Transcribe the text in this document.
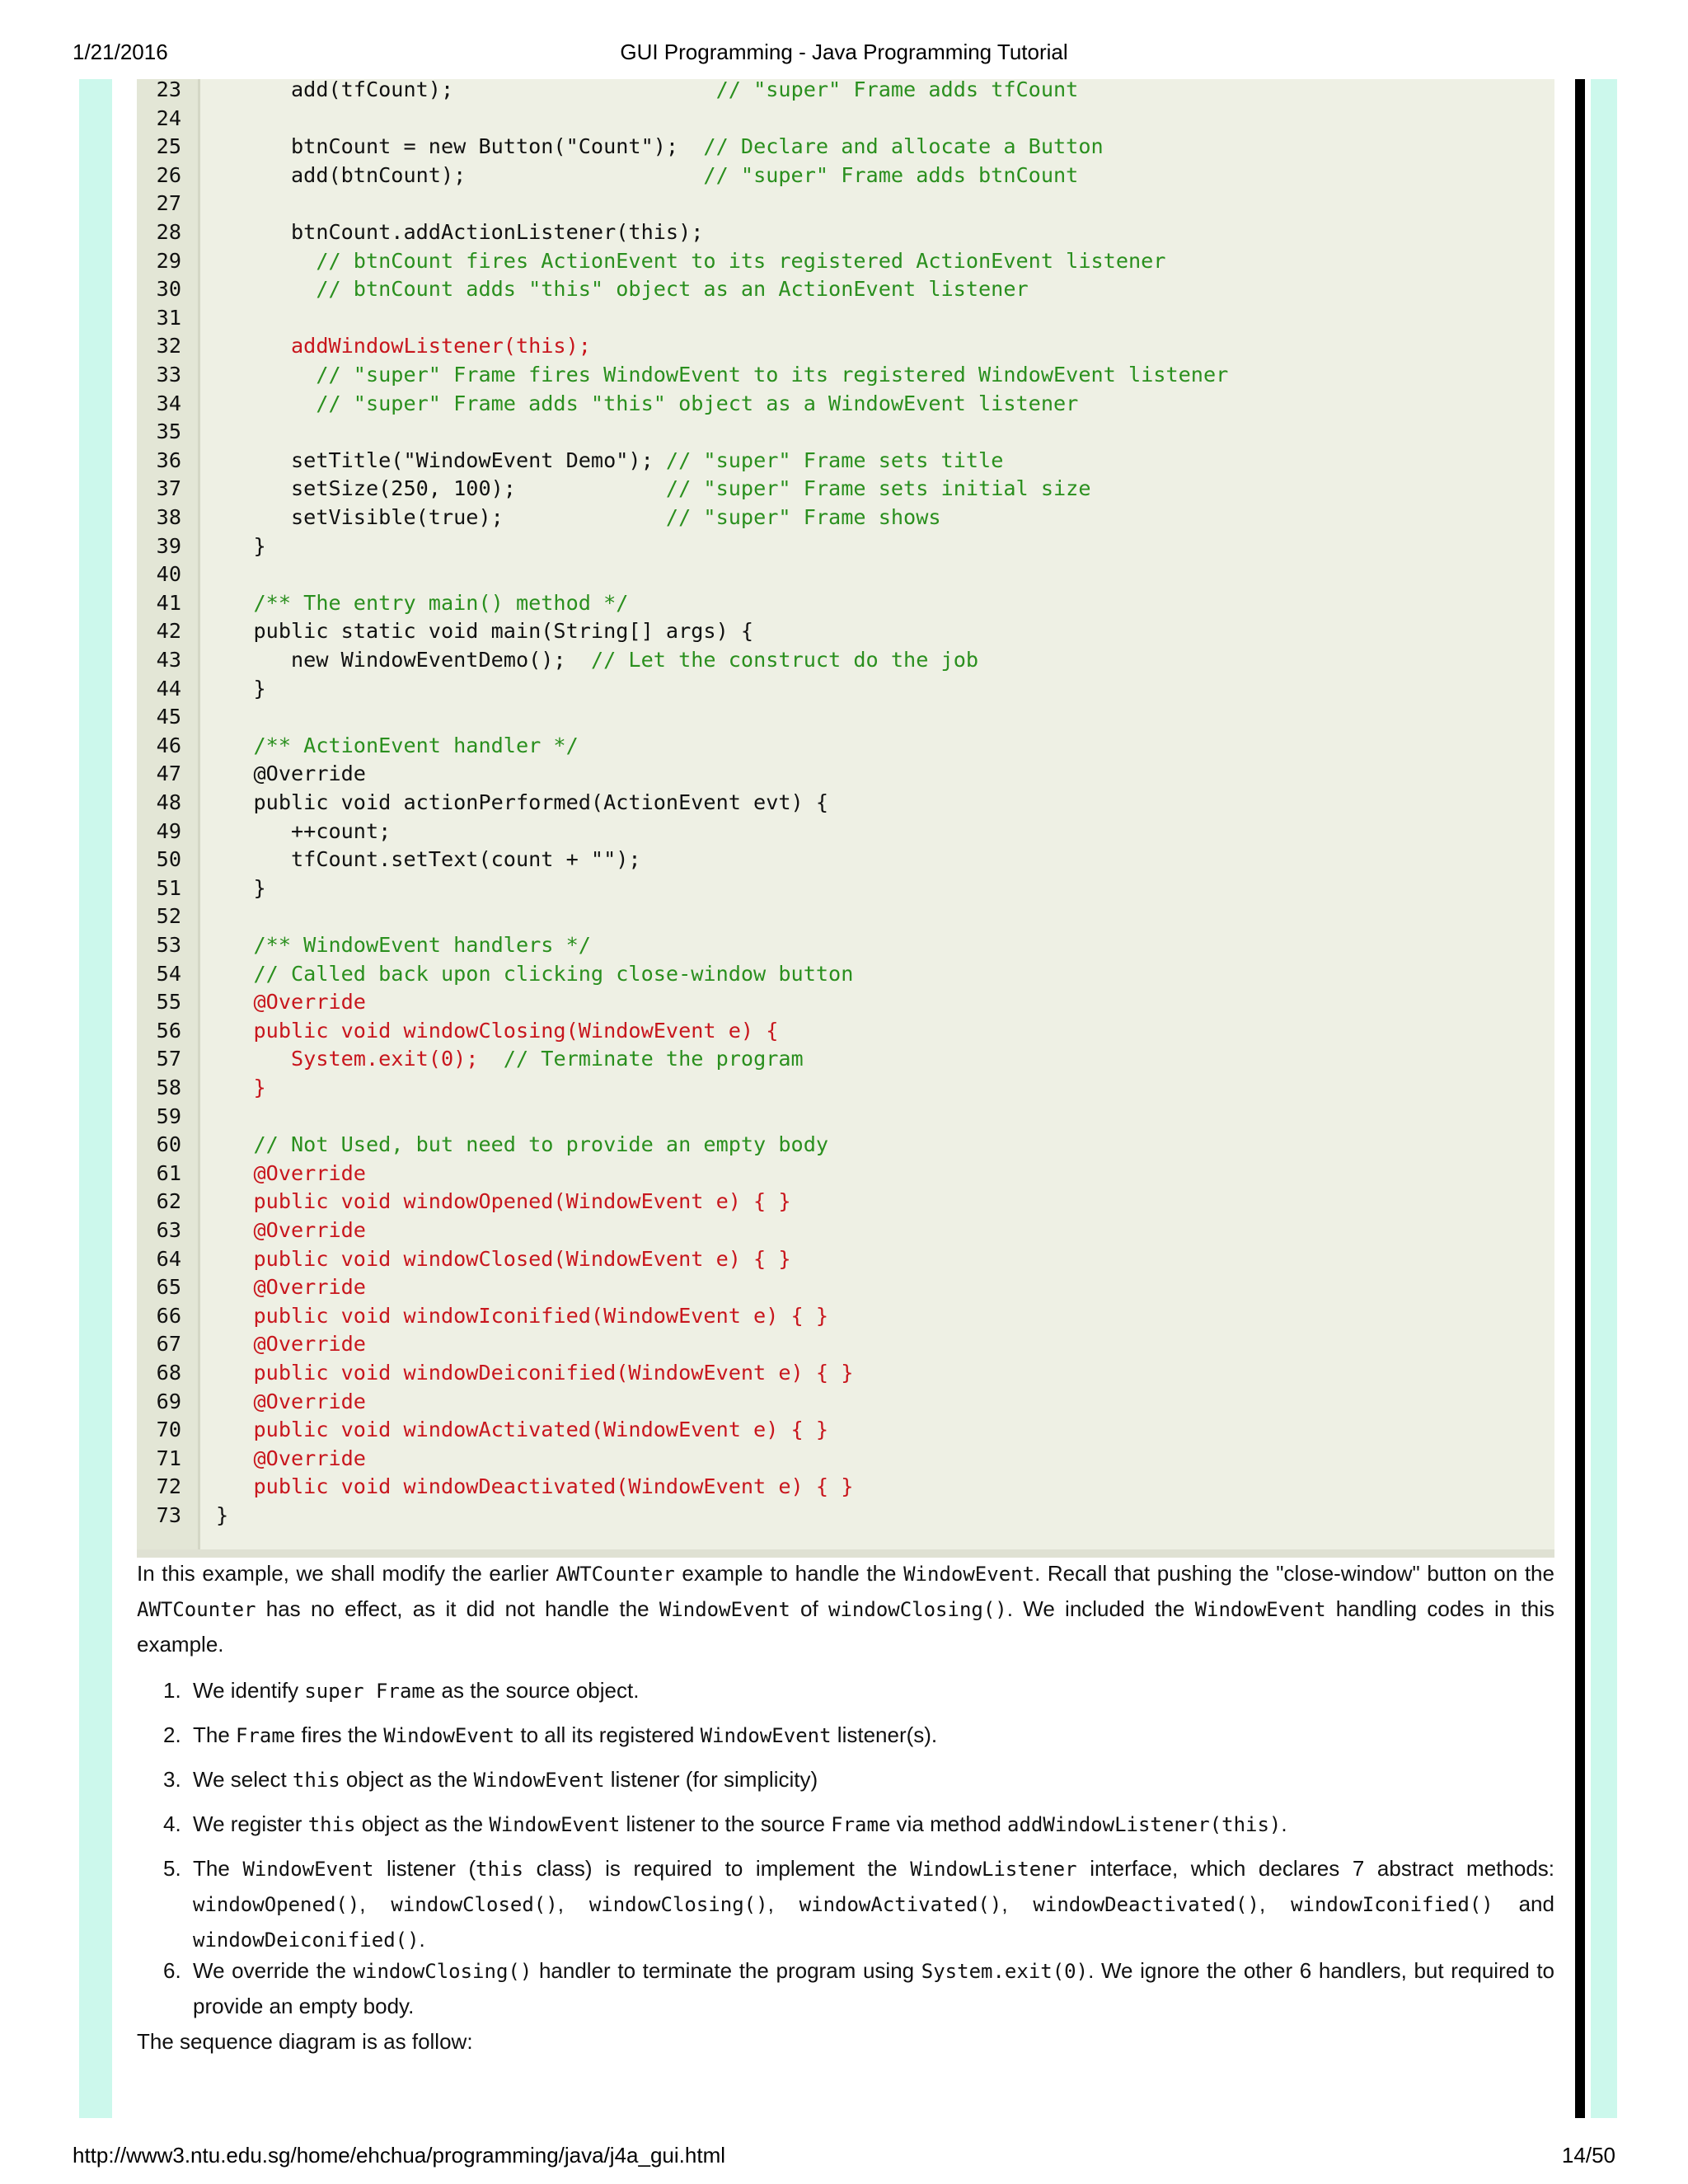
1/21/2016	GUI Programming - Java Programming Tutorial
23 add(tfCount);                     // "super" Frame adds tfCount
24
25 btnCount = new Button("Count");  // Declare and allocate a Button
26 add(btnCount);                   // "super" Frame adds btnCount
27
28 btnCount.addActionListener(this);
29 // btnCount fires ActionEvent to its registered ActionEvent listener
30 // btnCount adds "this" object as an ActionEvent listener
31
32 addWindowListener(this);
33 // "super" Frame fires WindowEvent to its registered WindowEvent listener
34 // "super" Frame adds "this" object as a WindowEvent listener
35
36 setTitle("WindowEvent Demo"); // "super" Frame sets title
37 setSize(250, 100);            // "super" Frame sets initial size
38 setVisible(true);             // "super" Frame shows
39 }
40
41 /** The entry main() method */
42 public static void main(String[] args) {
43 new WindowEventDemo();  // Let the construct do the job
44 }
45
46 /** ActionEvent handler */
47 @Override
48 public void actionPerformed(ActionEvent evt) {
49 ++count;
50 tfCount.setText(count + "");
51 }
52
53 /** WindowEvent handlers */
54 // Called back upon clicking close-window button
55 @Override
56 public void windowClosing(WindowEvent e) {
57 System.exit(0);  // Terminate the program
58 }
59
60 // Not Used, but need to provide an empty body
61 @Override
62 public void windowOpened(WindowEvent e) { }
63 @Override
64 public void windowClosed(WindowEvent e) { }
65 @Override
66 public void windowIconified(WindowEvent e) { }
67 @Override
68 public void windowDeiconified(WindowEvent e) { }
69 @Override
70 public void windowActivated(WindowEvent e) { }
71 @Override
72 public void windowDeactivated(WindowEvent e) { }
73 }
In this example, we shall modify the earlier AWTCounter example to handle the WindowEvent. Recall that pushing the "close-window" button on the AWTCounter has no effect, as it did not handle the WindowEvent of windowClosing(). We included the WindowEvent handling codes in this example.
1. We identify super Frame as the source object.
2. The Frame fires the WindowEvent to all its registered WindowEvent listener(s).
3. We select this object as the WindowEvent listener (for simplicity)
4. We register this object as the WindowEvent listener to the source Frame via method addWindowListener(this).
5. The WindowEvent listener (this class) is required to implement the WindowListener interface, which declares 7 abstract methods: windowOpened(), windowClosed(), windowClosing(), windowActivated(), windowDeactivated(), windowIconified() and windowDeiconified().
6. We override the windowClosing() handler to terminate the program using System.exit(0). We ignore the other 6 handlers, but required to provide an empty body.
The sequence diagram is as follow:
http://www3.ntu.edu.sg/home/ehchua/programming/java/j4a_gui.html	14/50
